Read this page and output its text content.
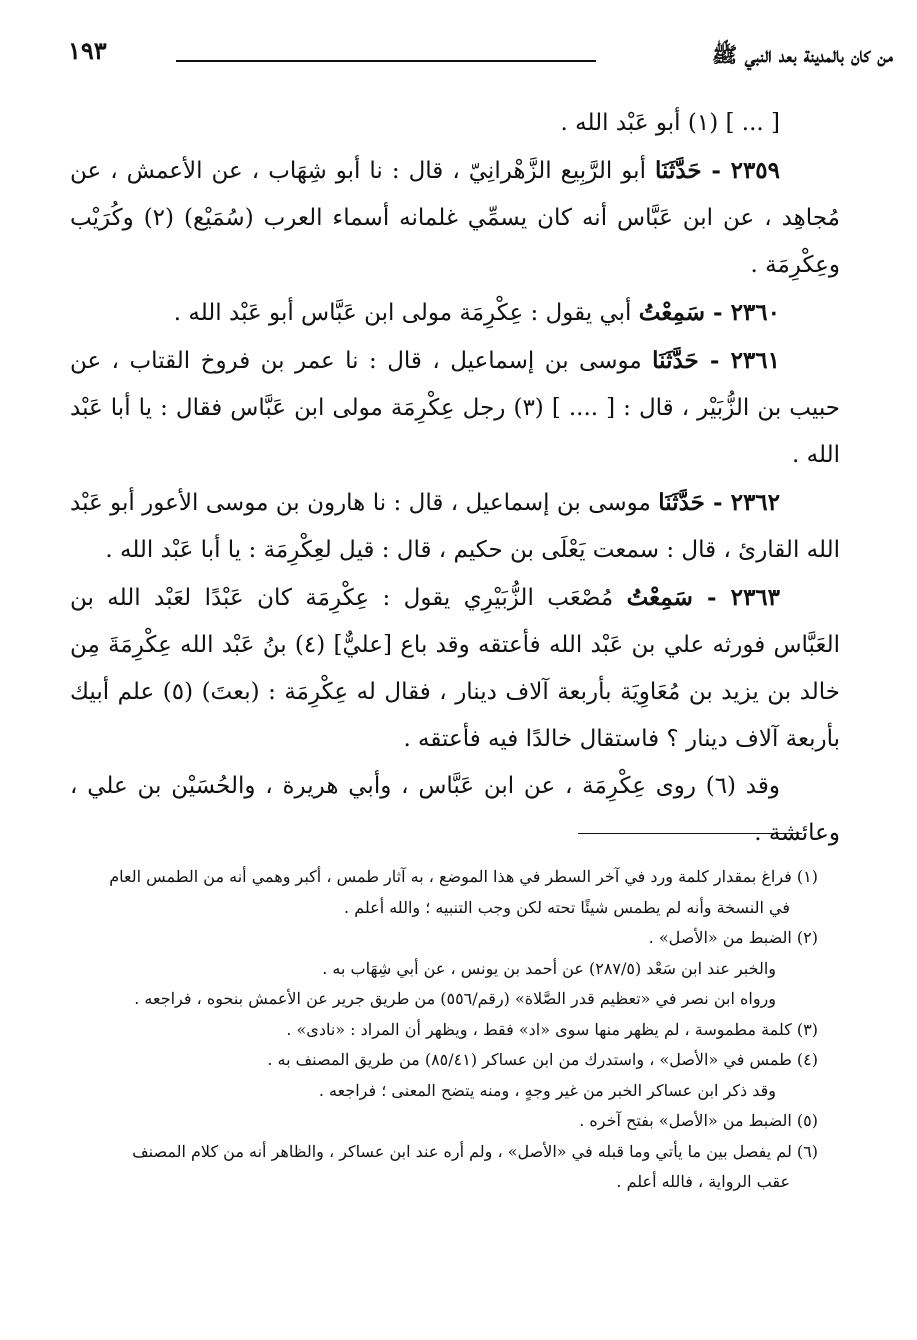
من كان بالمدينة بعد النبي ﷺ
١٩٣

[ ... ] (١) أبو عَبْد الله .

٢٣٥٩ - حَدَّثَنَا أبو الرَّبِيع الزَّهْرانِيّ ، قال : نا أبو شِهَاب ، عن الأعمش ، عن مُجاهِد ، عن ابن عَبَّاس أنه كان يسمِّي غلمانه أسماء العرب (سُمَيْع) (٢) وكُرَيْب وعِكْرِمَة .

٢٣٦٠ - سَمِعْتُ أبي يقول : عِكْرِمَة مولى ابن عَبَّاس أبو عَبْد الله .

٢٣٦١ - حَدَّثَنَا موسى بن إسماعيل ، قال : نا عمر بن فروخ القتاب ، عن حبيب بن الزُّبَيْر ، قال : [ .... ] (٣) رجل عِكْرِمَة مولى ابن عَبَّاس فقال : يا أبا عَبْد الله .

٢٣٦٢ - حَدَّثَنَا موسى بن إسماعيل ، قال : نا هارون بن موسى الأعور أبو عَبْد الله القارئ ، قال : سمعت يَعْلَى بن حكيم ، قال : قيل لعِكْرِمَة : يا أبا عَبْد الله .

٢٣٦٣ - سَمِعْتُ مُصْعَب الزُّبَيْرِي يقول : عِكْرِمَة كان عَبْدًا لعَبْد الله بن العَبَّاس فورثه علي بن عَبْد الله فأعتقه وقد باع [عليٌّ] (٤) بنُ عَبْد الله عِكْرِمَةَ مِن خالد بن يزيد بن مُعَاوِيَة بأربعة آلاف دينار ، فقال له عِكْرِمَة : (بعتَ) (٥) علم أبيك بأربعة آلاف دينار ؟ فاستقال خالدًا فيه فأعتقه .

وقد (٦) روى عِكْرِمَة ، عن ابن عَبَّاس ، وأبي هريرة ، والحُسَيْن بن علي ، وعائشة .

(١) فراغ بمقدار كلمة ورد في آخر السطر في هذا الموضع ، به آثار طمس ، أكبر وهمي أنه من الطمس العام

في النسخة وأنه لم يطمس شيئًا تحته لكن وجب التنبيه ؛ والله أعلم .

(٢) الضبط من «الأصل» .

والخبر عند ابن سَعْد (٢٨٧/٥) عن أحمد بن يونس ، عن أبي شِهَاب به .

ورواه ابن نصر في «تعظيم قدر الصَّلاة» (رقم/٥٥٦) من طريق جرير عن الأعمش بنحوه ، فراجعه .

(٣) كلمة مطموسة ، لم يظهر منها سوى «اد» فقط ، ويظهر أن المراد : «نادى» .

(٤) طمس في «الأصل» ، واستدرك من ابن عساكر (٨٥/٤١) من طريق المصنف به .

وقد ذكر ابن عساكر الخبر من غير وجهٍ ، ومنه يتضح المعنى ؛ فراجعه .

(٥) الضبط من «الأصل» بفتح آخره .

(٦) لم يفصل بين ما يأتي وما قبله في «الأصل» ، ولم أره عند ابن عساكر ، والظاهر أنه من كلام المصنف

عقب الرواية ، فالله أعلم .
